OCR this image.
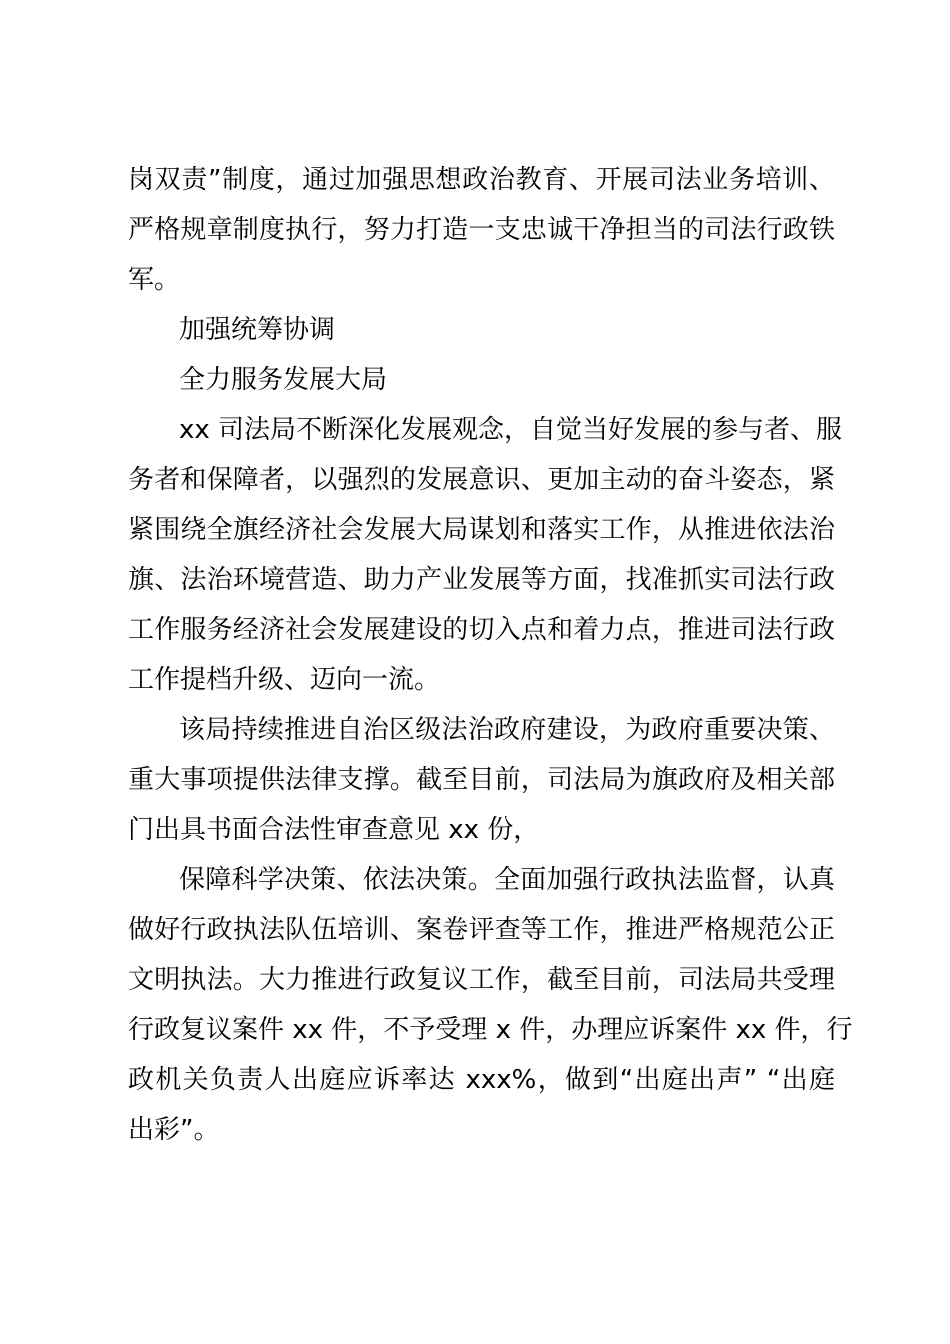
岗双责”制度，通过加强思想政治教育、开展司法业务培训、
严格规章制度执行，努力打造一支忠诚干净担当的司法行政铁
军。
加强统筹协调
全力服务发展大局
xx 司法局不断深化发展观念，自觉当好发展的参与者、服
务者和保障者，以强烈的发展意识、更加主动的奋斗姿态，紧
紧围绕全旗经济社会发展大局谋划和落实工作，从推进依法治
旗、法治环境营造、助力产业发展等方面，找准抓实司法行政
工作服务经济社会发展建设的切入点和着力点，推进司法行政
工作提档升级、迈向一流。
该局持续推进自治区级法治政府建设，为政府重要决策、
重大事项提供法律支撑。截至目前，司法局为旗政府及相关部
门出具书面合法性审查意见 xx 份，
保障科学决策、依法决策。全面加强行政执法监督，认真
做好行政执法队伍培训、案卷评查等工作，推进严格规范公正
文明执法。大力推进行政复议工作，截至目前，司法局共受理
行政复议案件 xx 件，不予受理 x 件，办理应诉案件 xx 件，行
政机关负责人出庭应诉率达 xxx%，做到“出庭出声” “出庭
出彩”。
